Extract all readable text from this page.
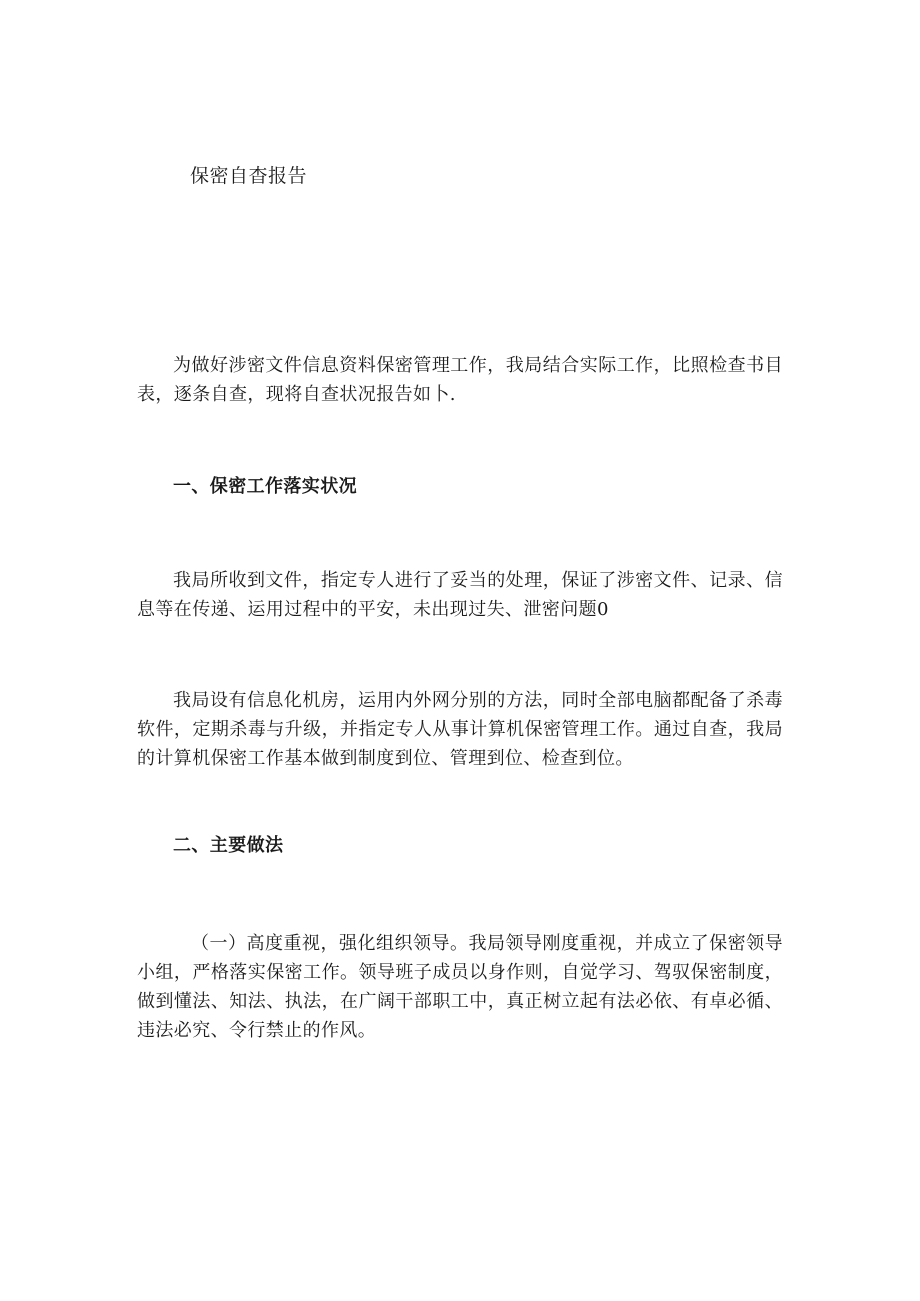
保密自杳报告

为做好涉密文件信息资料保密管理工作，我局结合实际工作，比照检查书目表，逐条自查，现将自查状况报告如卜.

一、保密工作落实状况

我局所收到文件，指定专人进行了妥当的处理，保证了涉密文件、记录、信息等在传递、运用过程中的平安，未出现过失、泄密问题0

我局设有信息化机房，运用内外网分别的方法，同时全部电脑都配备了杀毒软件，定期杀毒与升级，并指定专人从事计算机保密管理工作。通过自查，我局的计算机保密工作基本做到制度到位、管理到位、检查到位。

二、主要做法

（一）高度重视，强化组织领导。我局领导刚度重视，并成立了保密领导小组，严格落实保密工作。领导班子成员以身作则，自觉学习、驾驭保密制度，做到懂法、知法、执法，在广阔干部职工中，真正树立起有法必依、有卓必循、违法必究、令行禁止的作风。
